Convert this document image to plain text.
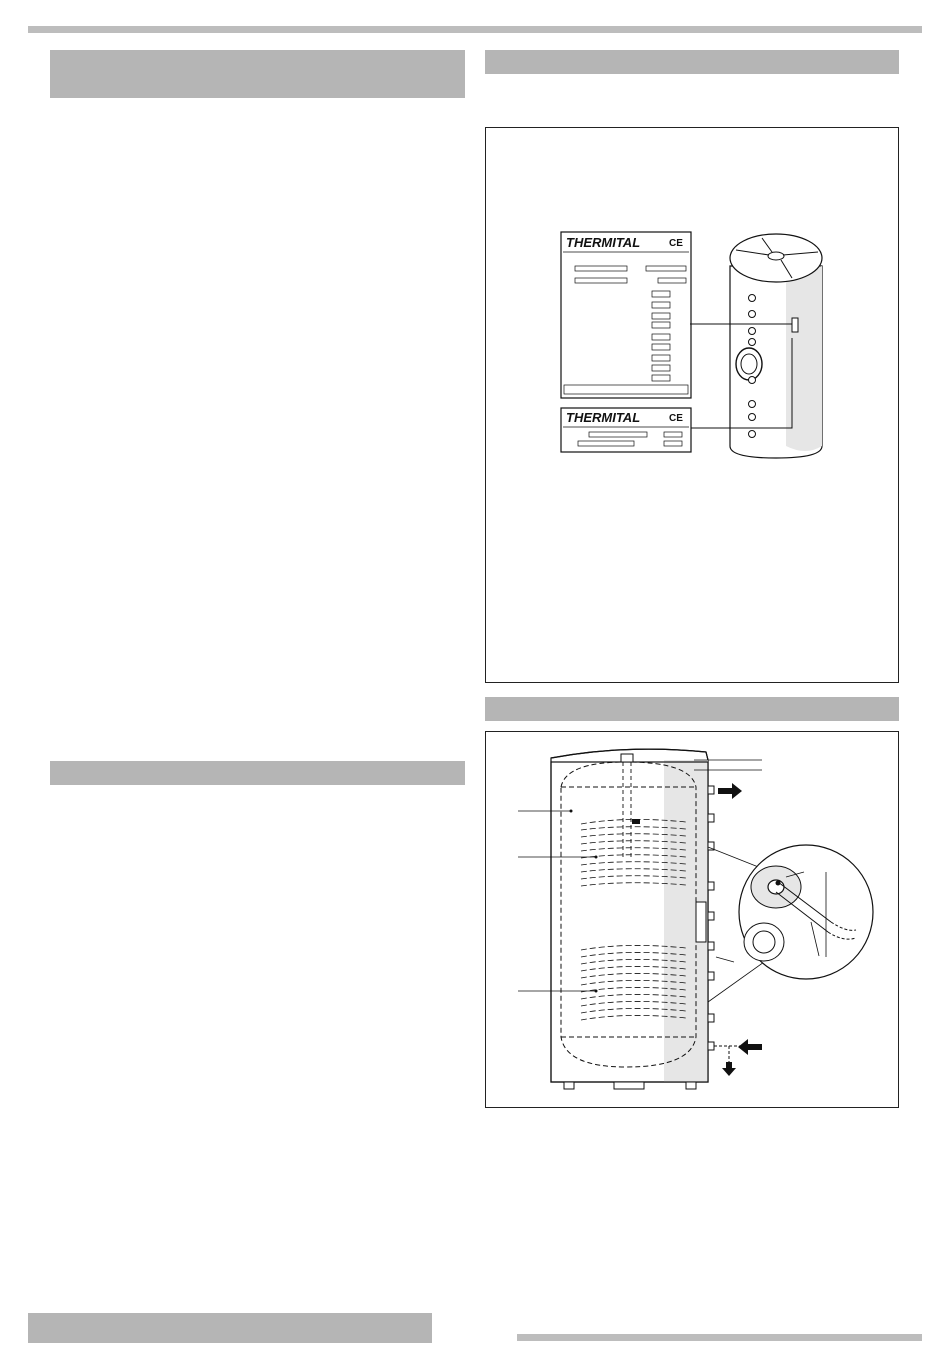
THERMITAL	CE
THERMITAL	CE
